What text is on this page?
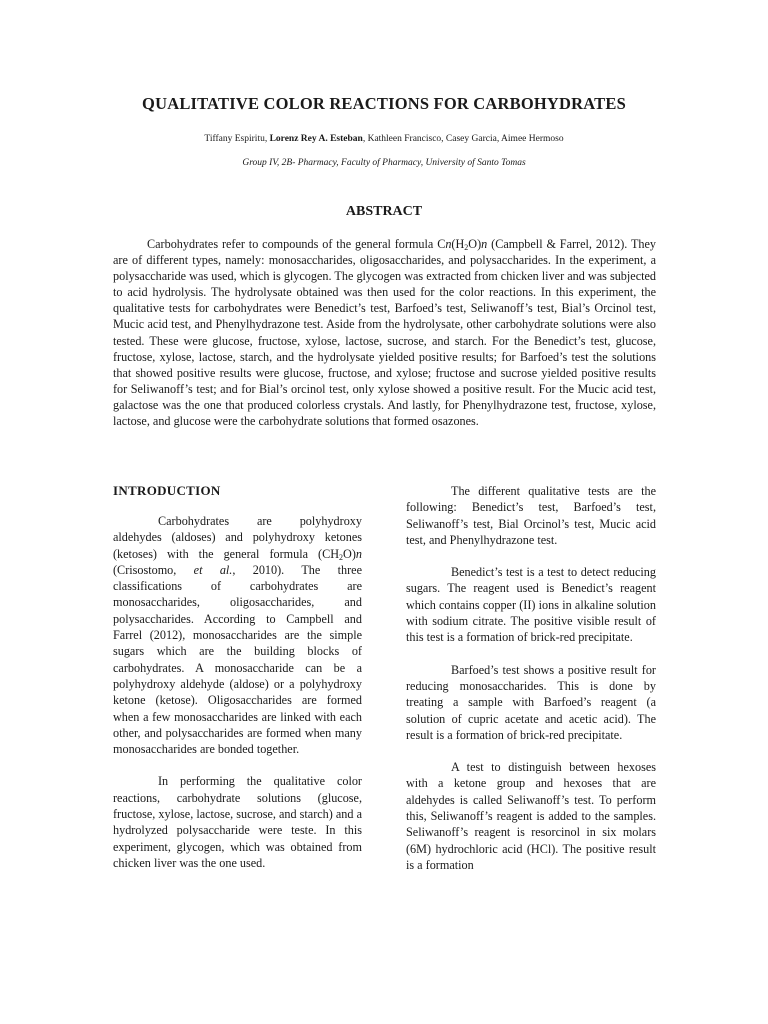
QUALITATIVE COLOR REACTIONS FOR CARBOHYDRATES
Tiffany Espiritu, Lorenz Rey A. Esteban, Kathleen Francisco, Casey Garcia, Aimee Hermoso
Group IV, 2B- Pharmacy, Faculty of Pharmacy, University of Santo Tomas
ABSTRACT

Carbohydrates refer to compounds of the general formula $Cn(H_2O)n$ (Campbell & Farrel, 2012). They are of different types, namely: monosaccharides, oligosaccharides, and polysaccharides. In the experiment, a polysaccharide was used, which is glycogen. The glycogen was extracted from chicken liver and was subjected to acid hydrolysis. The hydrolysate obtained was then used for the color reactions. In this experiment, the qualitative tests for carbohydrates were Benedict’s test, Barfoed’s test, Seliwanoff’s test, Bial’s Orcinol test, Mucic acid test, and Phenylhydrazone test. Aside from the hydrolysate, other carbohydrate solutions were also tested. These were glucose, fructose, xylose, lactose, sucrose, and starch. For the Benedict’s test, glucose, fructose, xylose, lactose, starch, and the hydrolysate yielded positive results; for Barfoed’s test the solutions that showed positive results were glucose, fructose, and xylose; fructose and sucrose yielded positive results for Seliwanoff’s test; and for Bial’s orcinol test, only xylose showed a positive result. For the Mucic acid test, galactose was the one that produced colorless crystals. And lastly, for Phenylhydrazone test, fructose, xylose, lactose, and glucose were the carbohydrate solutions that formed osazones.

INTRODUCTION

Carbohydrates are polyhydroxy aldehydes (aldoses) and polyhydroxy ketones (ketoses) with the general formula $(CH_2O)n$ (Crisostomo, et al., 2010). The three classifications of carbohydrates are monosaccharides, oligosaccharides, and polysaccharides. According to Campbell and Farrel (2012), monosaccharides are the simple sugars which are the building blocks of carbohydrates. A monosaccharide can be a polyhydroxy aldehyde (aldose) or a polyhydroxy ketone (ketose). Oligosaccharides are formed when a few monosaccharides are linked with each other, and polysaccharides are formed when many monosaccharides are bonded together.

In performing the qualitative color reactions, carbohydrate solutions (glucose, fructose, xylose, lactose, sucrose, and starch) and a hydrolyzed polysaccharide were teste. In this experiment, glycogen, which was obtained from chicken liver was the one used.

The different qualitative tests are the following: Benedict’s test, Barfoed’s test, Seliwanoff’s test, Bial Orcinol’s test, Mucic acid test, and Phenylhydrazone test.

Benedict’s test is a test to detect reducing sugars. The reagent used is Benedict’s reagent which contains copper (II) ions in alkaline solution with sodium citrate. The positive visible result of this test is a formation of brick-red precipitate.

Barfoed’s test shows a positive result for reducing monosaccharides. This is done by treating a sample with Barfoed’s reagent (a solution of cupric acetate and acetic acid). The result is a formation of brick-red precipitate.

A test to distinguish between hexoses with a ketone group and hexoses that are aldehydes is called Seliwanoff’s test. To perform this, Seliwanoff’s reagent is added to the samples. Seliwanoff’s reagent is resorcinol in six molars (6M) hydrochloric acid (HCl). The positive result is a formation
